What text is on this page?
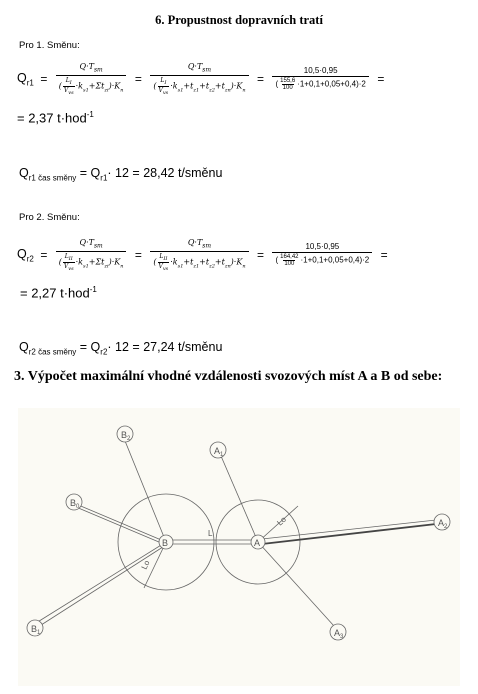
6. Propustnost dopravních tratí
Pro 1. Směnu:
$Q_{r1} = \frac{Q\cdot T_{sm}}{( \frac{L_I}{V_{vs}} \cdot k_{s1}+\Sigma t_{zi})\cdot K_n} = \frac{Q\cdot T_{sm}}{( \frac{L_I}{V_{vs}} \cdot k_{s1}+t_{z1}+t_{z2}+t_{zn})\cdot K_n} = \frac{10,5\cdot 0,95}{( \frac{155,6}{100} \cdot 1+0,1+0,05+0,4)\cdot 2}$ =
= 2,37 t·hod$^{-1}$
$Q_{r1 čas směny} = Q_{r1}\cdot 12 = 28,42$ t/směnu
Pro 2. Směnu:
$Q_{r2} = \frac{Q\cdot T_{sm}}{( \frac{L_{II}}{V_{vs}} \cdot k_{s1}+\Sigma t_{zi})\cdot K_n} = \frac{Q\cdot T_{sm}}{( \frac{L_{II}}{V_{vs}} \cdot k_{s1}+t_{z1}+t_{z2}+t_{zn})\cdot K_n} = \frac{10,5\cdot 0,95}{( \frac{164,42}{100} \cdot 1+0,1+0,05+0,4)\cdot 2}$ =
= 2,27 t·hod$^{-1}$
$Q_{r2 čas směny} = Q_{r2}\cdot 12 = 27,24$ t/směnu
3. Výpočet maximální vhodné vzdálenosti svozových míst A a B od sebe:
$B_2$
$B_0$
$B_1$
$A_1$
$A_2$
$A_3$
B	A
Lo
Lo
L
